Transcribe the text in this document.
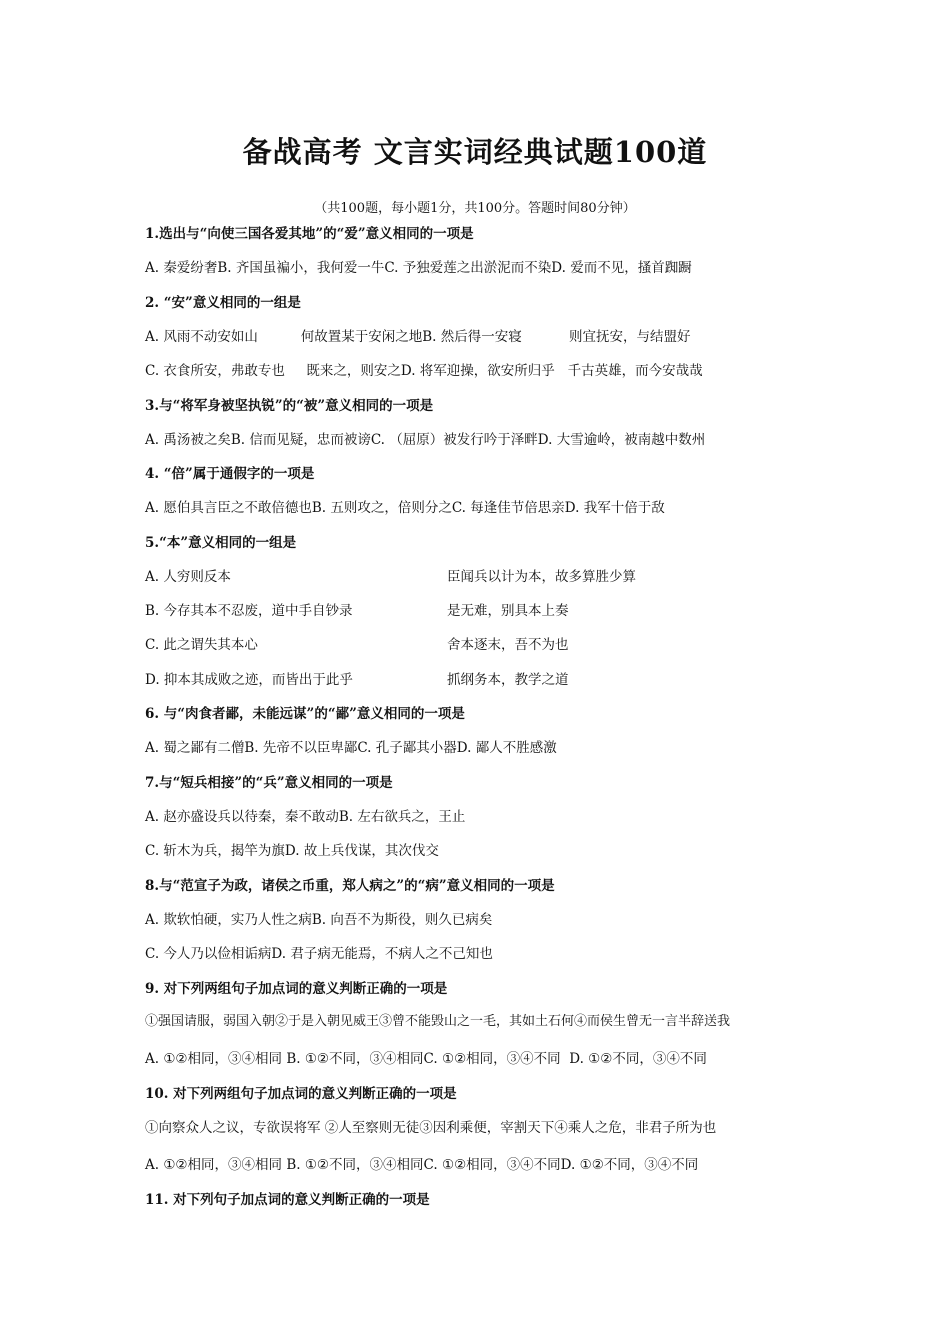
备战高考 文言实词经典试题100道
（共100题，每小题1分，共100分。答题时间80分钟）
1.选出与“向使三国各爱其地”的“爱”意义相同的一项是
A. 秦爱纷奢B. 齐国虽褊小，我何爱一牛C. 予独爱莲之出淤泥而不染D. 爱而不见，搔首踟蹰
2. “安”意义相同的一组是
A. 风雨不动安如山          何故置某于安闲之地B. 然后得一安寝           则宜抚安，与结盟好
C. 衣食所安，弗敢专也     既来之，则安之D. 将军迎操，欲安所归乎   千古英雄，而今安哉哉
3.与“将军身被坚执锐”的“被”意义相同的一项是
A. 禹汤被之矣B. 信而见疑，忠而被谤C. （屈原）被发行吟于泽畔D. 大雪逾岭，被南越中数州
4. “倍”属于通假字的一项是
A. 愿伯具言臣之不敢倍德也B. 五则攻之，倍则分之C. 每逢佳节倍思亲D. 我军十倍于敌
5.“本”意义相同的一组是
A. 人穷则反本	臣闻兵以计为本，故多算胜少算
B. 今存其本不忍废，道中手自钞录	是无难，别具本上奏
C. 此之谓失其本心	舍本逐末，吾不为也
D. 抑本其成败之迹，而皆出于此乎	抓纲务本，教学之道
6. 与“肉食者鄙，未能远谋”的“鄙”意义相同的一项是
A. 蜀之鄙有二僧B. 先帝不以臣卑鄙C. 孔子鄙其小器D. 鄙人不胜感激
7.与“短兵相接”的“兵”意义相同的一项是
A. 赵亦盛设兵以待秦，秦不敢动B. 左右欲兵之，王止
C. 斩木为兵，揭竿为旗D. 故上兵伐谋，其次伐交
8.与“范宣子为政，诸侯之币重，郑人病之”的“病”意义相同的一项是
A. 欺软怕硬，实乃人性之病B. 向吾不为斯役，则久已病矣
C. 今人乃以俭相诟病D. 君子病无能焉，不病人之不己知也
9. 对下列两组句子加点词的意义判断正确的一项是
①强国请服，弱国入朝②于是入朝见威王③曾不能毁山之一毛，其如土石何④而侯生曾无一言半辞送我
A. ①②相同，③④相同 B. ①②不同，③④相同C. ①②相同，③④不同  D. ①②不同，③④不同
10. 对下列两组句子加点词的意义判断正确的一项是
①向察众人之议，专欲误将军 ②人至察则无徒③因利乘便，宰割天下④乘人之危，非君子所为也
A. ①②相同，③④相同 B. ①②不同，③④相同C. ①②相同，③④不同D. ①②不同，③④不同
11. 对下列句子加点词的意义判断正确的一项是
